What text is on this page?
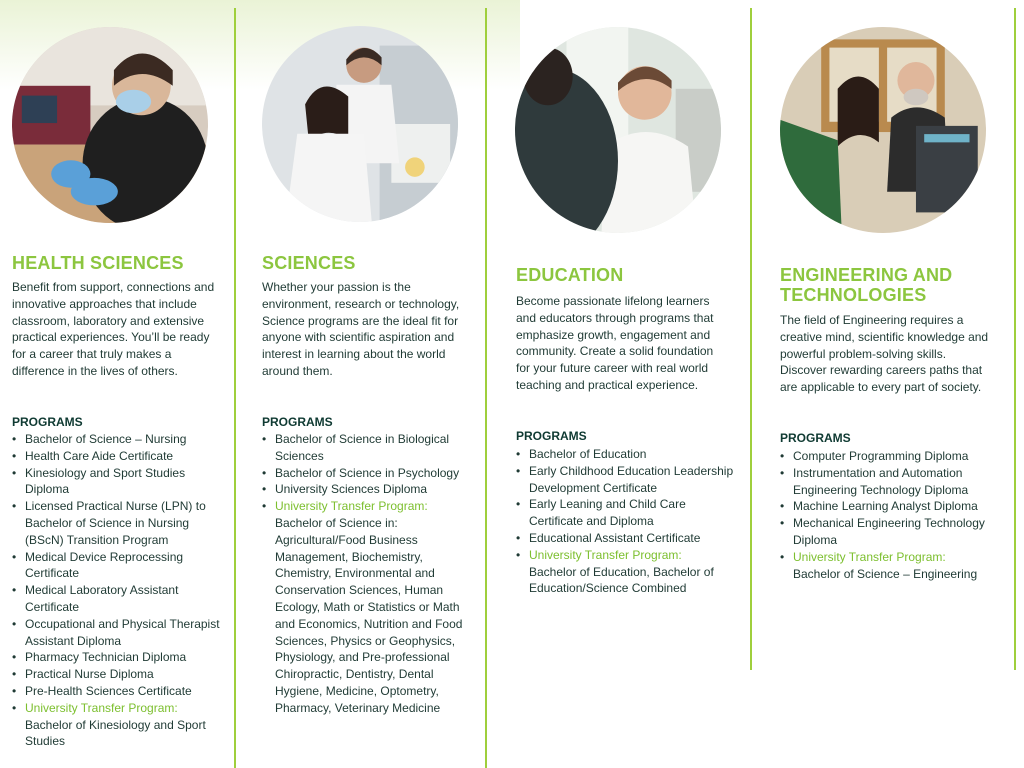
HEALTH SCIENCES

Benefit from support, connections and innovative approaches that include classroom, laboratory and extensive practical experiences. You’ll be ready for a career that truly makes a difference in the lives of others.

PROGRAMS
• Bachelor of Science – Nursing
• Health Care Aide Certificate
• Kinesiology and Sport Studies Diploma
• Licensed Practical Nurse (LPN) to Bachelor of Science in Nursing (BScN) Transition Program
• Medical Device Reprocessing Certificate
• Medical Laboratory Assistant Certificate
• Occupational and Physical Therapist Assistant Diploma
• Pharmacy Technician Diploma
• Practical Nurse Diploma
• Pre-Health Sciences Certificate
• University Transfer Program:
Bachelor of Kinesiology and Sport Studies
SCIENCES

Whether your passion is the environment, research or technology, Science programs are the ideal fit for anyone with scientific aspiration and interest in learning about the world around them.

PROGRAMS
• Bachelor of Science in Biological Sciences
• Bachelor of Science in Psychology
• University Sciences Diploma
• University Transfer Program:
Bachelor of Science in: Agricultural/Food Business Management, Biochemistry, Chemistry, Environmental and Conservation Sciences, Human Ecology, Math or Statistics or Math and Economics, Nutrition and Food Sciences, Physics or Geophysics, Physiology, and Pre-professional Chiropractic, Dentistry, Dental Hygiene, Medicine, Optometry, Pharmacy, Veterinary Medicine
EDUCATION

Become passionate lifelong learners and educators through programs that emphasize growth, engagement and community. Create a solid foundation for your future career with real world teaching and practical experience.

PROGRAMS
• Bachelor of Education
• Early Childhood Education Leadership Development Certificate
• Early Leaning and Child Care Certificate and Diploma
• Educational Assistant Certificate
• University Transfer Program:
Bachelor of Education, Bachelor of Education/Science Combined
ENGINEERING AND TECHNOLOGIES

The field of Engineering requires a creative mind, scientific knowledge and powerful problem-solving skills. Discover rewarding careers paths that are applicable to every part of society.

PROGRAMS
• Computer Programming Diploma
• Instrumentation and Automation Engineering Technology Diploma
• Machine Learning Analyst Diploma
• Mechanical Engineering Technology Diploma
• University Transfer Program:
Bachelor of Science – Engineering
